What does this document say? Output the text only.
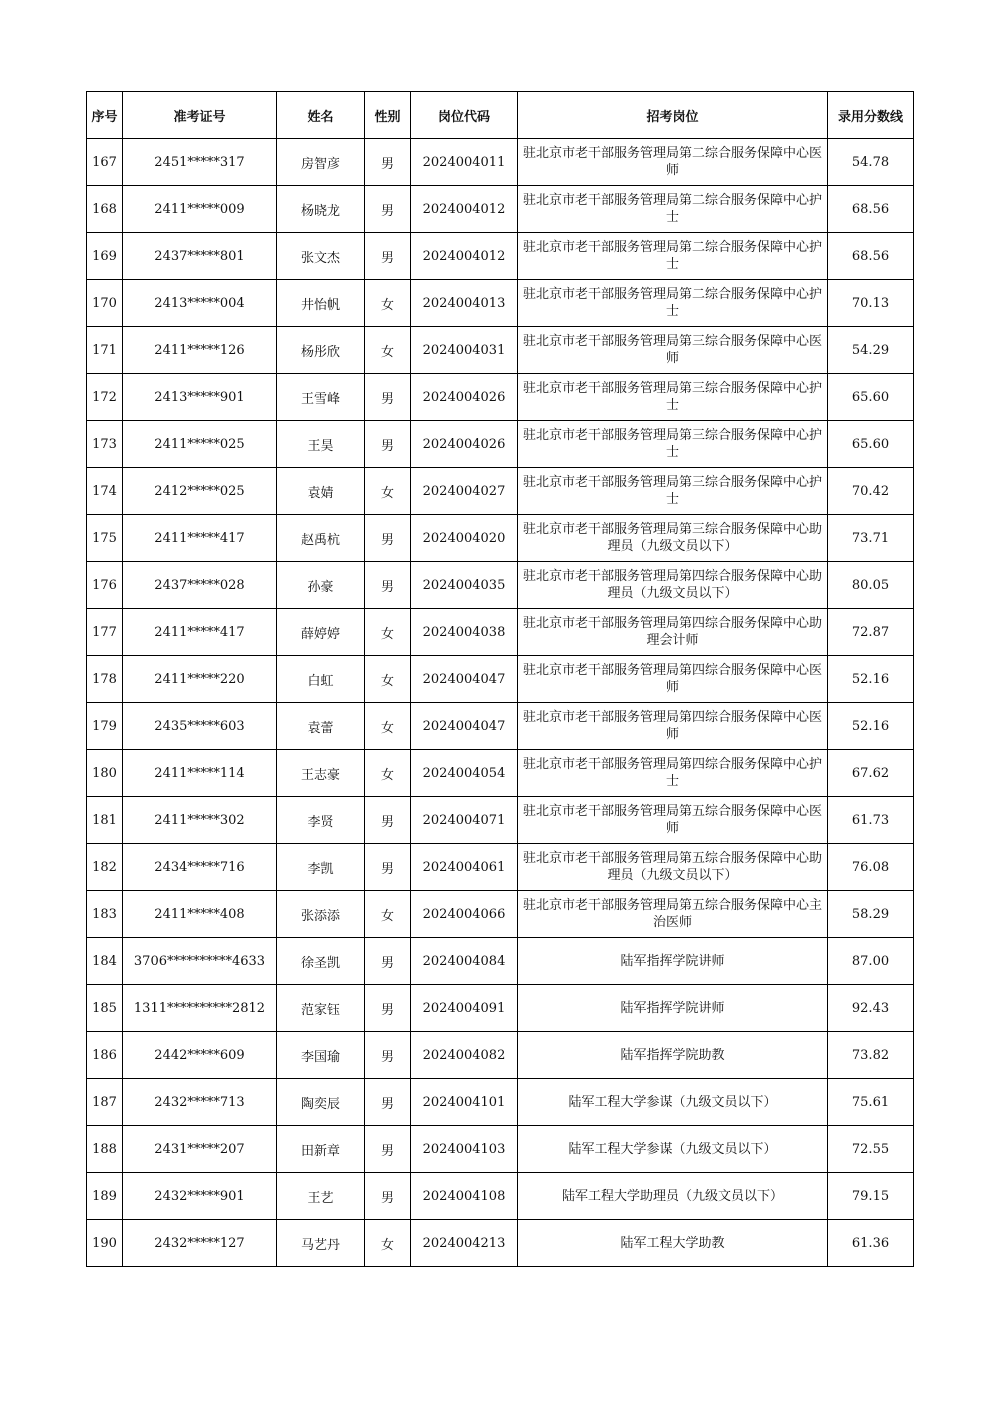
序号	准考证号	姓名	性别	岗位代码	招考岗位	录用分数线
167	2451*****317	房智彦	男	2024004011	驻北京市老干部服务管理局第二综合服务保障中心医师	54.78
168	2411*****009	杨晓龙	男	2024004012	驻北京市老干部服务管理局第二综合服务保障中心护士	68.56
169	2437*****801	张文杰	男	2024004012	驻北京市老干部服务管理局第二综合服务保障中心护士	68.56
170	2413*****004	井怡帆	女	2024004013	驻北京市老干部服务管理局第二综合服务保障中心护士	70.13
171	2411*****126	杨彤欣	女	2024004031	驻北京市老干部服务管理局第三综合服务保障中心医师	54.29
172	2413*****901	王雪峰	男	2024004026	驻北京市老干部服务管理局第三综合服务保障中心护士	65.60
173	2411*****025	王昊	男	2024004026	驻北京市老干部服务管理局第三综合服务保障中心护士	65.60
174	2412*****025	袁婧	女	2024004027	驻北京市老干部服务管理局第三综合服务保障中心护士	70.42
175	2411*****417	赵禹杭	男	2024004020	驻北京市老干部服务管理局第三综合服务保障中心助理员（九级文员以下）	73.71
176	2437*****028	孙豪	男	2024004035	驻北京市老干部服务管理局第四综合服务保障中心助理员（九级文员以下）	80.05
177	2411*****417	薛婷婷	女	2024004038	驻北京市老干部服务管理局第四综合服务保障中心助理会计师	72.87
178	2411*****220	白虹	女	2024004047	驻北京市老干部服务管理局第四综合服务保障中心医师	52.16
179	2435*****603	袁蕾	女	2024004047	驻北京市老干部服务管理局第四综合服务保障中心医师	52.16
180	2411*****114	王志豪	女	2024004054	驻北京市老干部服务管理局第四综合服务保障中心护士	67.62
181	2411*****302	李贤	男	2024004071	驻北京市老干部服务管理局第五综合服务保障中心医师	61.73
182	2434*****716	李凯	男	2024004061	驻北京市老干部服务管理局第五综合服务保障中心助理员（九级文员以下）	76.08
183	2411*****408	张添添	女	2024004066	驻北京市老干部服务管理局第五综合服务保障中心主治医师	58.29
184	3706**********4633	徐圣凯	男	2024004084	陆军指挥学院讲师	87.00
185	1311**********2812	范家钰	男	2024004091	陆军指挥学院讲师	92.43
186	2442*****609	李国瑜	男	2024004082	陆军指挥学院助教	73.82
187	2432*****713	陶奕辰	男	2024004101	陆军工程大学参谋（九级文员以下）	75.61
188	2431*****207	田新章	男	2024004103	陆军工程大学参谋（九级文员以下）	72.55
189	2432*****901	王艺	男	2024004108	陆军工程大学助理员（九级文员以下）	79.15
190	2432*****127	马艺丹	女	2024004213	陆军工程大学助教	61.36
